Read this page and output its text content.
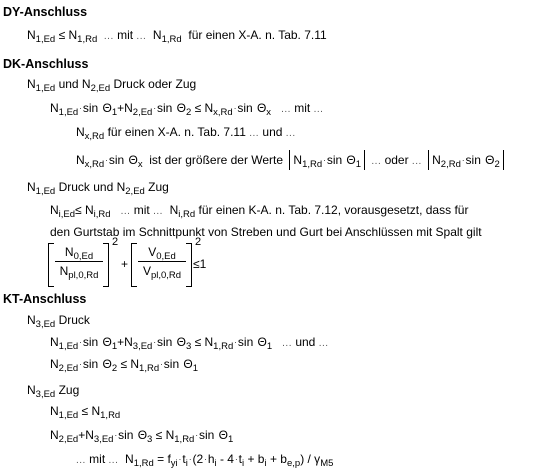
DY-Anschluss
$N_{1,Ed} \le N_{1,Rd}$ ... mit ...  $N_{1,Rd}$ für einen X-A. n. Tab. 7.11
DK-Anschluss
$N_{1,Ed}$ und $N_{2,Ed}$ Druck oder Zug
$N_{1,Ed}\cdot\sin$ $\Theta_1+N_{2,Ed}\cdot\sin$ $\Theta_2 \le N_{x,Rd}\cdot\sin$ $\Theta_x$ ... mit ...
$N_{x,Rd}$ für einen X-A. n. Tab. 7.11 ... und ...
$N_{x,Rd}\cdot\sin$ $\Theta_x$ ist der größere der Werte $N_{1,Rd}\cdot\sin$ $\Theta_1$ ... oder ... $N_{2,Rd}\cdot\sin$ $\Theta_2$
$N_{1,Ed}$ Druck und $N_{2,Ed}$ Zug
$N_{i,Ed}\le N_{i,Rd}$ ... mit ...  $N_{i,Rd}$ für einen K-A. n. Tab. 7.12, vorausgesetzt, dass für
den Gurtstab im Schnittpunkt von Streben und Gurt bei Anschlüssen mit Spalt gilt
$N_{0,Ed}$
$N_{pl,0,Rd}$
2
+
$V_{0,Ed}$
$V_{pl,0,Rd}$
2
≤1
KT-Anschluss
$N_{3,Ed}$ Druck
$N_{1,Ed}\cdot\sin$ $\Theta_1+N_{3,Ed}\cdot\sin$ $\Theta_3 \le N_{1,Rd}\cdot\sin$ $\Theta_1$ ... und ...
$N_{2,Ed}\cdot\sin$ $\Theta_2 \le N_{1,Rd}\cdot\sin$ $\Theta_1$
$N_{3,Ed}$ Zug
$N_{1,Ed} \le N_{1,Rd}$
$N_{2,Ed}+N_{3,Ed}\cdot\sin$ $\Theta_3 \le N_{1,Rd}\cdot\sin$ $\Theta_1$
... mit ...  $N_{1,Rd} = f_{yi}\cdot t_i\cdot(2\cdot h_i - 4\cdot t_i + b_i + b_{e,p}) / \gamma_{M5}$
